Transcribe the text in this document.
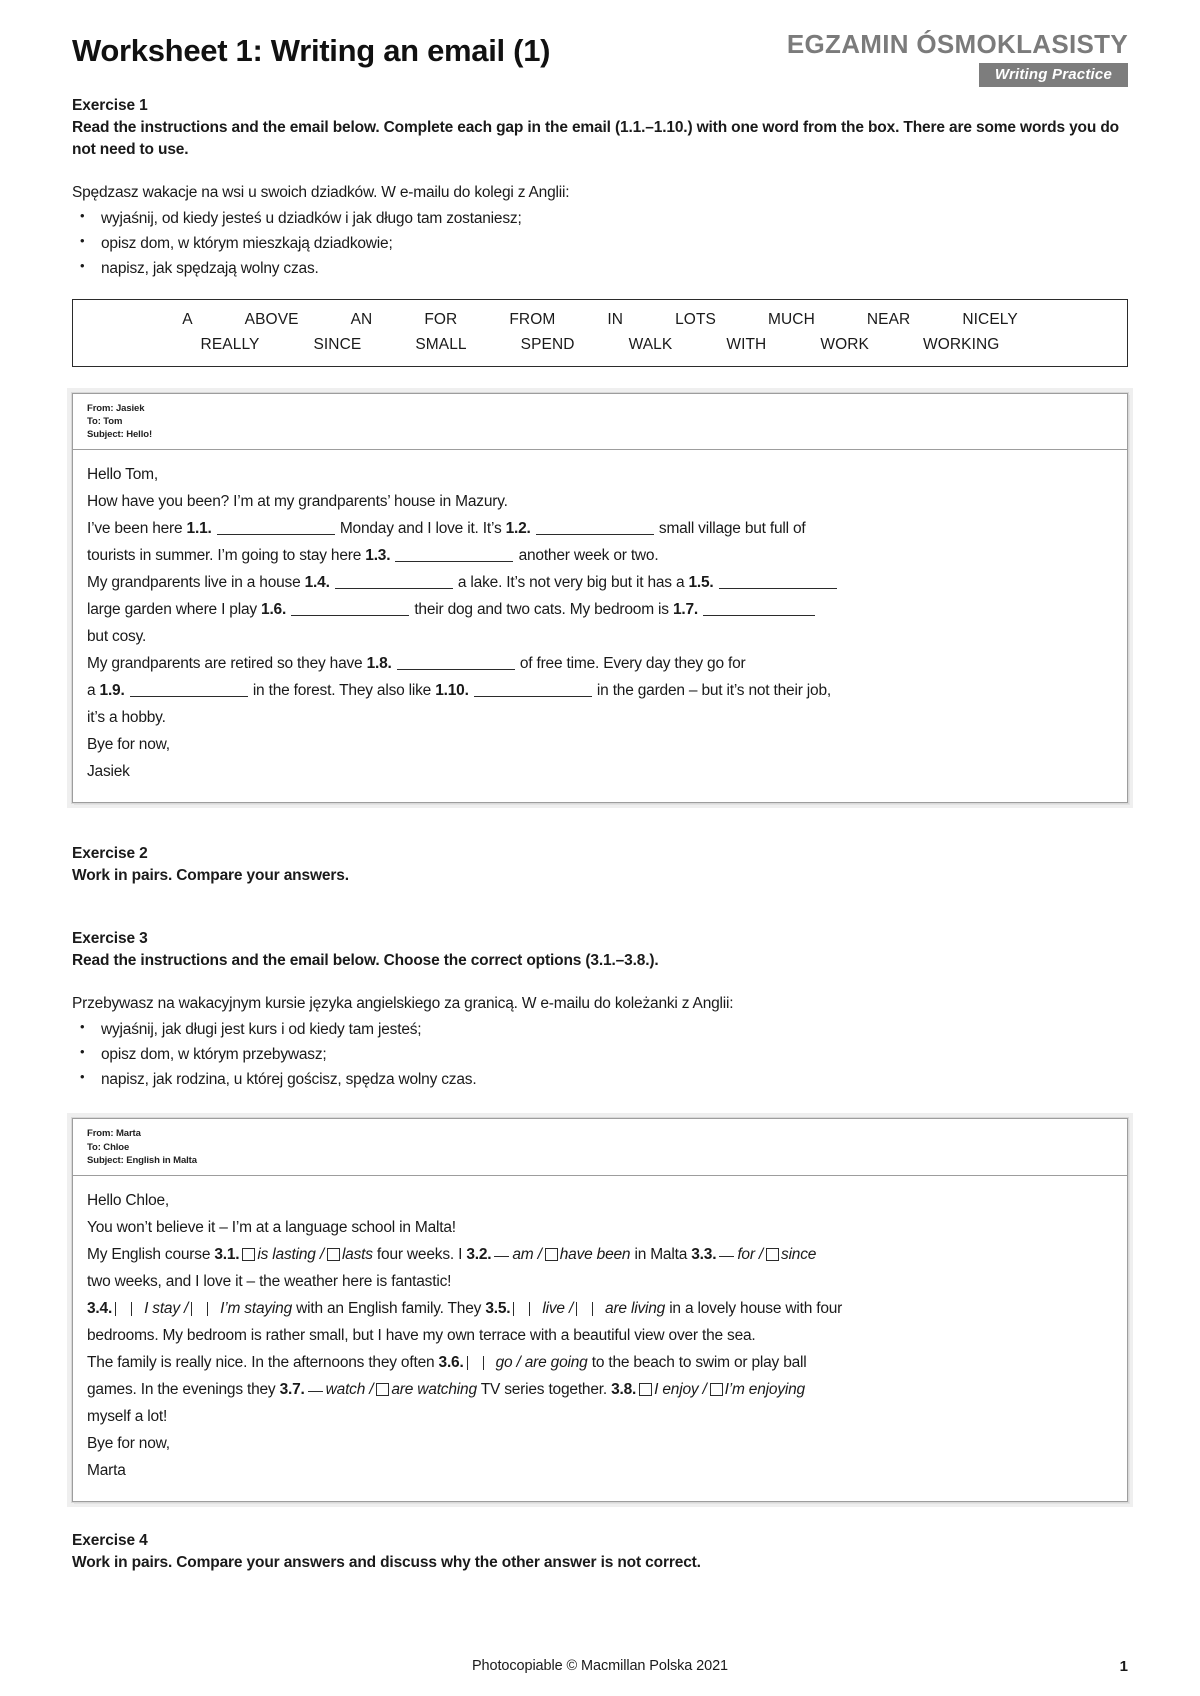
Worksheet 1: Writing an email (1)	EGZAMIN ÓSMOKLASISTY
Writing Practice
Exercise 1

Read the instructions and the email below. Complete each gap in the email (1.1.–1.10.) with one word from the box. There are some words you do not need to use.

Spędzasz wakacje na wsi u swoich dziadków. W e-mailu do kolegi z Anglii:

• wyjaśnij, od kiedy jesteś u dziadków i jak długo tam zostaniesz;
• opisz dom, w którym mieszkają dziadkowie;
• napisz, jak spędzają wolny czas.
A	ABOVE	AN	FOR	FROM	IN	LOTS	MUCH	NEAR	NICELY
REALLY	SINCE	SMALL	SPEND	WALK	WITH	WORK	WORKING
From: Jasiek
To: Tom
Subject: Hello!

Hello Tom,

How have you been? I’m at my grandparents’ house in Mazury.

I’ve been here 1.1.	Monday and I love it. It’s 1.2.	small village but full of

tourists in summer. I’m going to stay here 1.3.	another week or two.

My grandparents live in a house 1.4.	a lake. It’s not very big but it has a 1.5.

large garden where I play 1.6.	their dog and two cats. My bedroom is 1.7.

but cosy.

My grandparents are retired so they have 1.8.	of free time. Every day they go for

a 1.9.	in the forest. They also like 1.10.	in the garden – but it’s not their job,

it’s a hobby.

Bye for now,

Jasiek

Exercise 2

Work in pairs. Compare your answers.

Exercise 3

Read the instructions and the email below. Choose the correct options (3.1.–3.8.).

Przebywasz na wakacyjnym kursie języka angielskiego za granicą. W e-mailu do koleżanki z Anglii:

• wyjaśnij, jak długi jest kurs i od kiedy tam jesteś;
• opisz dom, w którym przebywasz;
• napisz, jak rodzina, u której gościsz, spędza wolny czas.
From: Marta
To: Chloe
Subject: English in Malta

Hello Chloe,

You won’t believe it – I’m at a language school in Malta!

My English course 3.1. is lasting / lasts four weeks. I 3.2. am / have been in Malta 3.3. for / since

two weeks, and I love it – the weather here is fantastic!

3.4. I stay / I’m staying with an English family. They 3.5. live / are living in a lovely house with four

bedrooms. My bedroom is rather small, but I have my own terrace with a beautiful view over the sea.

The family is really nice. In the afternoons they often 3.6. go / are going to the beach to swim or play ball

games. In the evenings they 3.7. watch / are watching TV series together. 3.8. I enjoy / I’m enjoying

myself a lot!

Bye for now,

Marta

Exercise 4

Work in pairs. Compare your answers and discuss why the other answer is not correct.

Photocopiable © Macmillan Polska 2021	1
